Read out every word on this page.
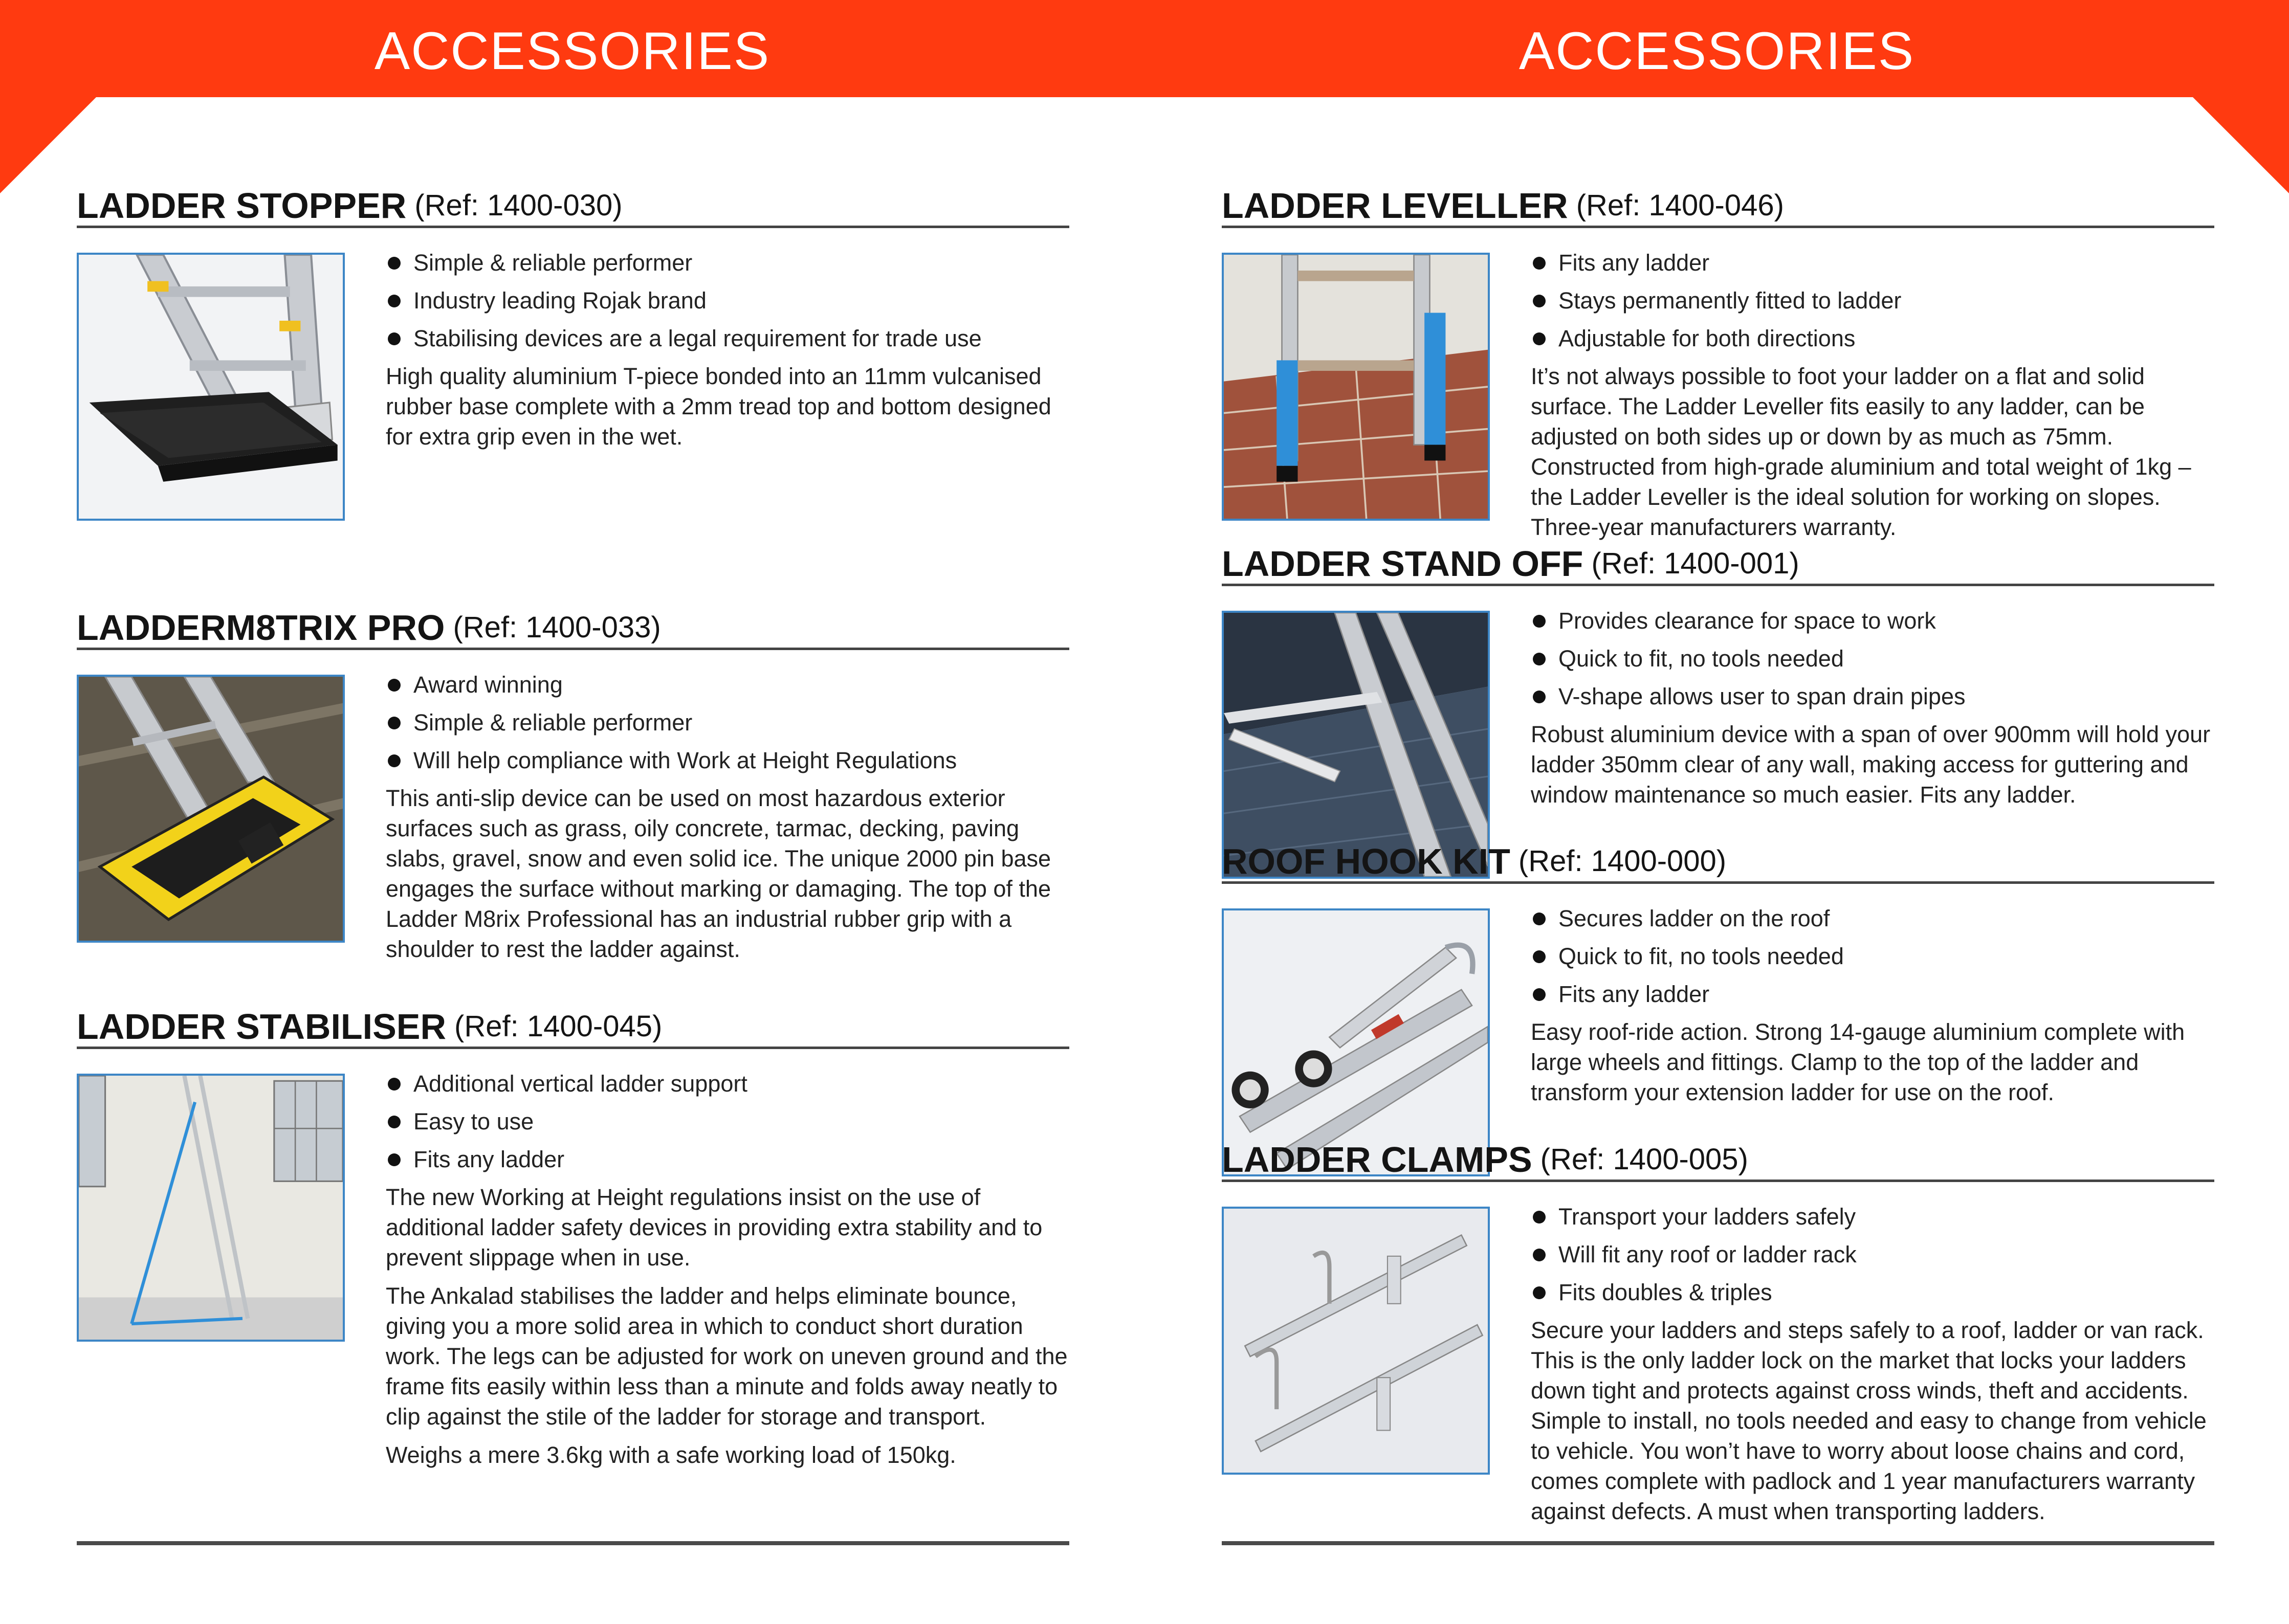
ACCESSORIES	ACCESSORIES
LADDER STOPPER (Ref: 1400-030)
Simple & reliable performer
Industry leading Rojak brand
Stabilising devices are a legal requirement for trade use

High quality aluminium T-piece bonded into an 11mm vulcanised rubber base complete with a 2mm tread top and bottom designed for extra grip even in the wet.

LADDERM8TRIX PRO (Ref: 1400-033)
Award winning
Simple & reliable performer
Will help compliance with Work at Height Regulations

This anti-slip device can be used on most hazardous exterior surfaces such as grass, oily concrete, tarmac, decking, paving slabs, gravel, snow and even solid ice. The unique 2000 pin base engages the surface without marking or damaging. The top of the Ladder M8rix Professional has an industrial rubber grip with a shoulder to rest the ladder against.

LADDER STABILISER (Ref: 1400-045)
Additional vertical ladder support
Easy to use
Fits any ladder

The new Working at Height regulations insist on the use of additional ladder safety devices in providing extra stability and to prevent slippage when in use.

The Ankalad stabilises the ladder and helps eliminate bounce, giving you a more solid area in which to conduct short duration work. The legs can be adjusted for work on uneven ground and the frame fits easily within less than a minute and folds away neatly to clip against the stile of the ladder for storage and transport.

Weighs a mere 3.6kg with a safe working load of 150kg.

LADDER LEVELLER (Ref: 1400-046)
Fits any ladder
Stays permanently fitted to ladder
Adjustable for both directions

It’s not always possible to foot your ladder on a flat and solid surface. The Ladder Leveller fits easily to any ladder, can be adjusted on both sides up or down by as much as 75mm. Constructed from high-grade aluminium and total weight of 1kg – the Ladder Leveller is the ideal solution for working on slopes. Three-year manufacturers warranty.

LADDER STAND OFF (Ref: 1400-001)
Provides clearance for space to work
Quick to fit, no tools needed
V-shape allows user to span drain pipes

Robust aluminium device with a span of over 900mm will hold your ladder 350mm clear of any wall, making access for guttering and window maintenance so much easier. Fits any ladder.

ROOF HOOK KIT (Ref: 1400-000)
Secures ladder on the roof
Quick to fit, no tools needed
Fits any ladder

Easy roof-ride action. Strong 14-gauge aluminium complete with large wheels and fittings. Clamp to the top of the ladder and transform your extension ladder for use on the roof.

LADDER CLAMPS (Ref: 1400-005)
Transport your ladders safely
Will fit any roof or ladder rack
Fits doubles & triples

Secure your ladders and steps safely to a roof, ladder or van rack. This is the only ladder lock on the market that locks your ladders down tight and protects against cross winds, theft and accidents. Simple to install, no tools needed and easy to change from vehicle to vehicle. You won’t have to worry about loose chains and cord, comes complete with padlock and 1 year manufacturers warranty against defects. A must when transporting ladders.
